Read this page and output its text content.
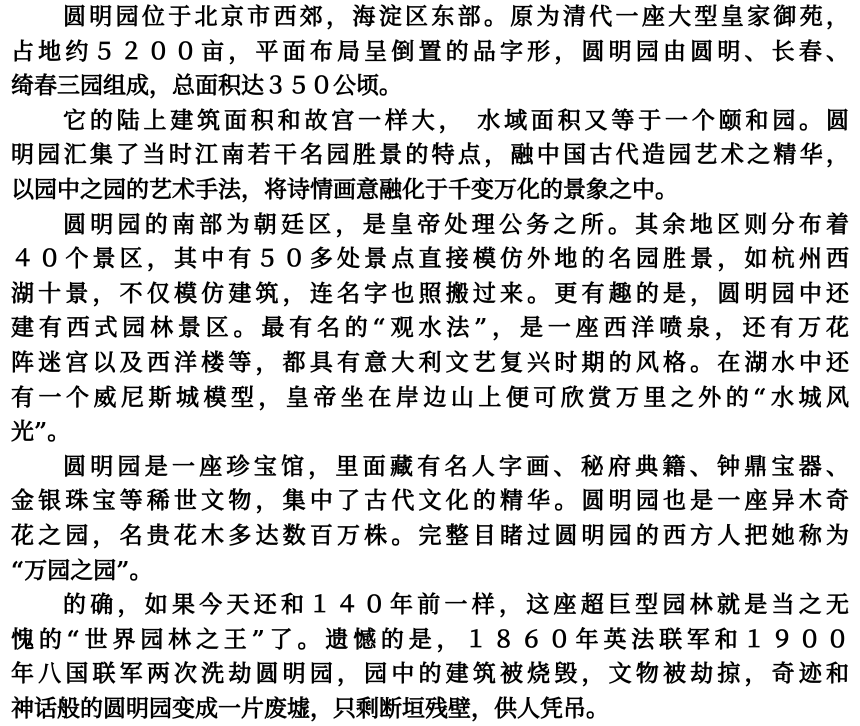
圆明园位于北京市西郊，海淀区东部。原为清代一座大型皇家御苑，
占地约５２００亩，平面布局呈倒置的品字形，圆明园由圆明、长春、
绮春三园组成，总面积达３５０公顷。
它的陆上建筑面积和故宫一样大， 水域面积又等于一个颐和园。圆
明园汇集了当时江南若干名园胜景的特点，融中国古代造园艺术之精华，
以园中之园的艺术手法，将诗情画意融化于千变万化的景象之中。
圆明园的南部为朝廷区，是皇帝处理公务之所。其余地区则分布着
４０个景区，其中有５０多处景点直接模仿外地的名园胜景，如杭州西
湖十景，不仅模仿建筑，连名字也照搬过来。更有趣的是，圆明园中还
建有西式园林景区。最有名的“观水法”，是一座西洋喷泉，还有万花
阵迷宫以及西洋楼等，都具有意大利文艺复兴时期的风格。在湖水中还
有一个威尼斯城模型，皇帝坐在岸边山上便可欣赏万里之外的“水城风
光”。
圆明园是一座珍宝馆，里面藏有名人字画、秘府典籍、钟鼎宝器、
金银珠宝等稀世文物，集中了古代文化的精华。圆明园也是一座异木奇
花之园，名贵花木多达数百万株。完整目睹过圆明园的西方人把她称为
“万园之园”。
的确，如果今天还和１４０年前一样，这座超巨型园林就是当之无
愧的“世界园林之王”了。遗憾的是，１８６０年英法联军和１９００
年八国联军两次洗劫圆明园，园中的建筑被烧毁，文物被劫掠，奇迹和
神话般的圆明园变成一片废墟，只剩断垣残壁，供人凭吊。
